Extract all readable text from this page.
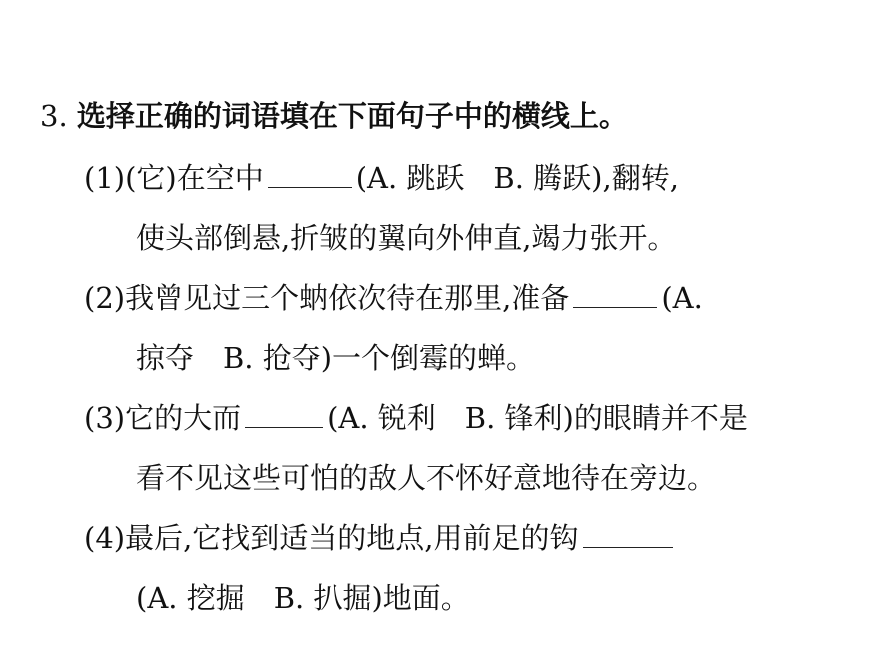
3. 选择正确的词语填在下面句子中的横线上。
(1)(它)在空中	(A. 跳跃　B. 腾跃),翻转,
使头部倒悬,折皱的翼向外伸直,竭力张开。
(2)我曾见过三个蚋依次待在那里,准备	(A.
掠夺　B. 抢夺)一个倒霉的蝉。
(3)它的大而	(A. 锐利　B. 锋利)的眼睛并不是
看不见这些可怕的敌人不怀好意地待在旁边。
(4)最后,它找到适当的地点,用前足的钩
(A. 挖掘　B. 扒掘)地面。
